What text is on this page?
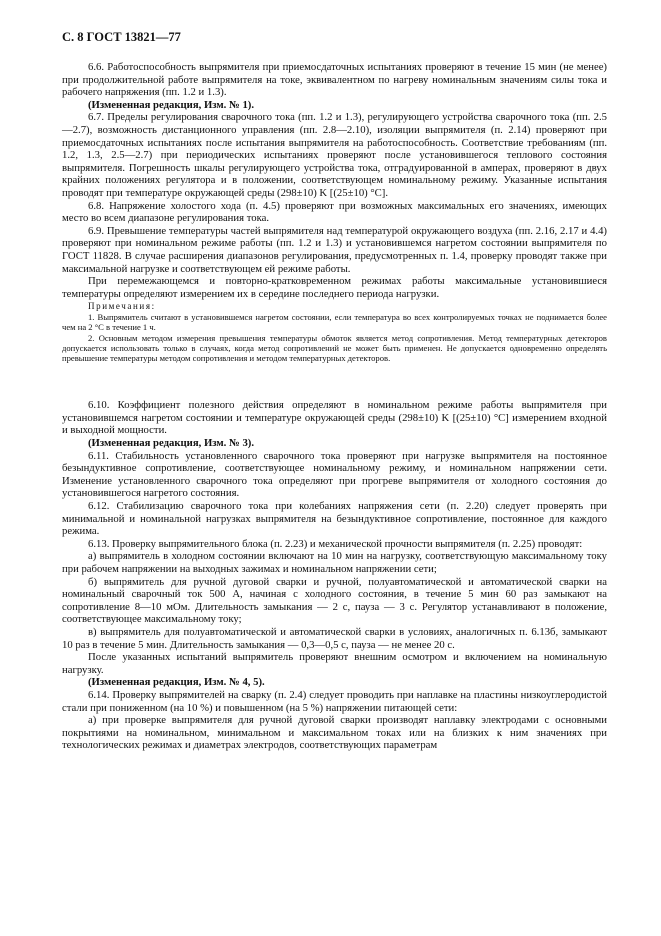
С. 8 ГОСТ 13821—77

6.6. Работоспособность выпрямителя при приемосдаточных испытаниях проверяют в течение 15 мин (не менее) при продолжительной работе выпрямителя на токе, эквивалентном по нагреву номинальным значениям силы тока и рабочего напряжения (пп. 1.2 и 1.3).

(Измененная редакция, Изм. № 1).

6.7. Пределы регулирования сварочного тока (пп. 1.2 и 1.3), регулирующего устройства сварочного тока (пп. 2.5—2.7), возможность дистанционного управления (пп. 2.8—2.10), изоляции выпрямителя (п. 2.14) проверяют при приемосдаточных испытаниях после испытания выпрямителя на работоспособность. Соответствие требованиям (пп. 1.2, 1.3, 2.5—2.7) при периодических испытаниях проверяют после установившегося теплового состояния выпрямителя. Погрешность шкалы регулирующего устройства тока, отградуированной в амперах, проверяют в двух крайних положениях регулятора и в положении, соответствующем номинальному режиму. Указанные испытания проводят при температуре окружающей среды (298±10) K [(25±10) °C].

6.8. Напряжение холостого хода (п. 4.5) проверяют при возможных максимальных его значениях, имеющих место во всем диапазоне регулирования тока.

6.9. Превышение температуры частей выпрямителя над температурой окружающего воздуха (пп. 2.16, 2.17 и 4.4) проверяют при номинальном режиме работы (пп. 1.2 и 1.3) и установившемся нагретом состоянии выпрямителя по ГОСТ 11828. В случае расширения диапазонов регулирования, предусмотренных п. 1.4, проверку проводят также при максимальной нагрузке и соответствующем ей режиме работы.

При перемежающемся и повторно-кратковременном режимах работы максимальные установившиеся температуры определяют измерением их в середине последнего периода нагрузки.

Примечания:

1. Выпрямитель считают в установившемся нагретом состоянии, если температура во всех контролируемых точках не поднимается более чем на 2 °C в течение 1 ч.

2. Основным методом измерения превышения температуры обмоток является метод сопротивления. Метод температурных детекторов допускается использовать только в случаях, когда метод сопротивлений не может быть применен. Не допускается одновременно определять превышение температуры методом сопротивления и методом температурных детекторов.

6.10. Коэффициент полезного действия определяют в номинальном режиме работы выпрямителя при установившемся нагретом состоянии и температуре окружающей среды (298±10) K [(25±10) °C] измерением входной и выходной мощности.

(Измененная редакция, Изм. № 3).

6.11. Стабильность установленного сварочного тока проверяют при нагрузке выпрямителя на постоянное безындуктивное сопротивление, соответствующее номинальному режиму, и номинальном напряжении сети. Изменение установленного сварочного тока определяют при прогреве выпрямителя от холодного состояния до установившегося нагретого состояния.

6.12. Стабилизацию сварочного тока при колебаниях напряжения сети (п. 2.20) следует проверять при минимальной и номинальной нагрузках выпрямителя на безындуктивное сопротивление, постоянное для каждого режима.

6.13. Проверку выпрямительного блока (п. 2.23) и механической прочности выпрямителя (п. 2.25) проводят:

а) выпрямитель в холодном состоянии включают на 10 мин на нагрузку, соответствующую максимальному току при рабочем напряжении на выходных зажимах и номинальном напряжении сети;

б) выпрямитель для ручной дуговой сварки и ручной, полуавтоматической и автоматической сварки на номинальный сварочный ток 500 A, начиная с холодного состояния, в течение 5 мин 60 раз замыкают на сопротивление 8—10 мОм. Длительность замыкания — 2 с, пауза — 3 с. Регулятор устанавливают в положение, соответствующее максимальному току;

в) выпрямитель для полуавтоматической и автоматической сварки в условиях, аналогичных п. 6.13б, замыкают 10 раз в течение 5 мин. Длительность замыкания — 0,3—0,5 с, пауза — не менее 20 с.

После указанных испытаний выпрямитель проверяют внешним осмотром и включением на номинальную нагрузку.

(Измененная редакция, Изм. № 4, 5).

6.14. Проверку выпрямителей на сварку (п. 2.4) следует проводить при наплавке на пластины низкоуглеродистой стали при пониженном (на 10 %) и повышенном (на 5 %) напряжении питающей сети:

а) при проверке выпрямителя для ручной дуговой сварки производят наплавку электродами с основными покрытиями на номинальном, минимальном и максимальном токах или на близких к ним значениях при технологических режимах и диаметрах электродов, соответствующих параметрам
